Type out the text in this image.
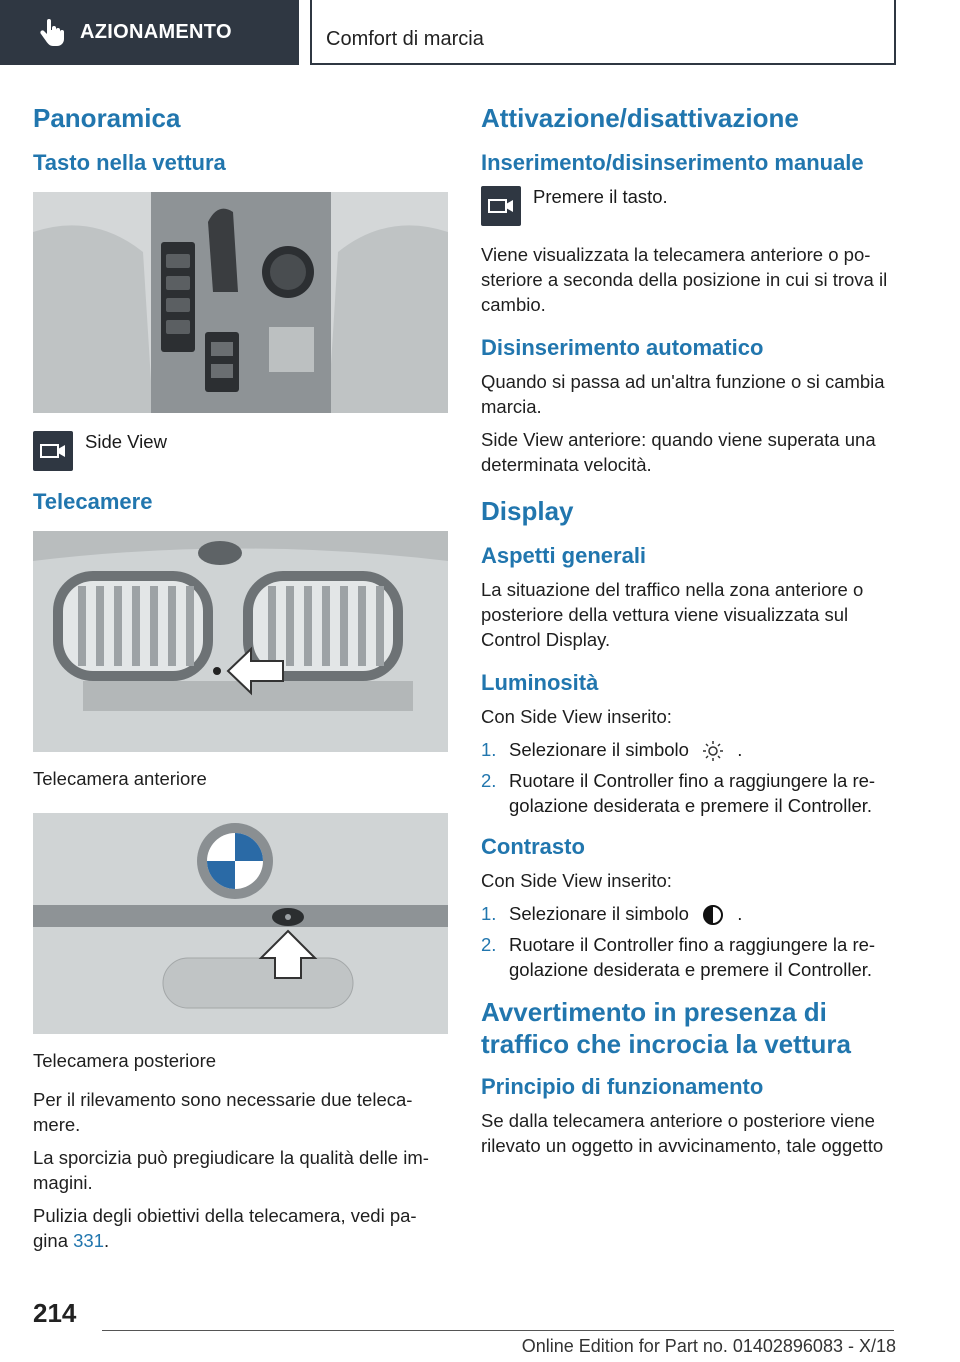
AZIONAMENTO	Comfort di marcia
Panoramica
Tasto nella vettura
Side View
Telecamere

Telecamera anteriore

Telecamera posteriore

Per il rilevamento sono necessarie due teleca-mere.

La sporcizia può pregiudicare la qualità delle im-magini.

Pulizia degli obiettivi della telecamera, vedi pa-gina 331.

Attivazione/disattivazione
Inserimento/disinserimento manuale
Premere il tasto.

Viene visualizzata la telecamera anteriore o po-steriore a seconda della posizione in cui si trova il cambio.

Disinserimento automatico

Quando si passa ad un'altra funzione o si cambia marcia.

Side View anteriore: quando viene superata una determinata velocità.

Display
Aspetti generali

La situazione del traffico nella zona anteriore o posteriore della vettura viene visualizzata sul Control Display.

Luminosità

Con Side View inserito:

1. Selezionare il simbolo	.
2. Ruotare il Controller fino a raggiungere la re-golazione desiderata e premere il Controller.
Contrasto

Con Side View inserito:

1. Selezionare il simbolo	.
2. Ruotare il Controller fino a raggiungere la re-golazione desiderata e premere il Controller.
Avvertimento in presenza di traffico che incrocia la vettura
Principio di funzionamento

Se dalla telecamera anteriore o posteriore viene rilevato un oggetto in avvicinamento, tale oggetto

214
Online Edition for Part no. 01402896083 - X/18
